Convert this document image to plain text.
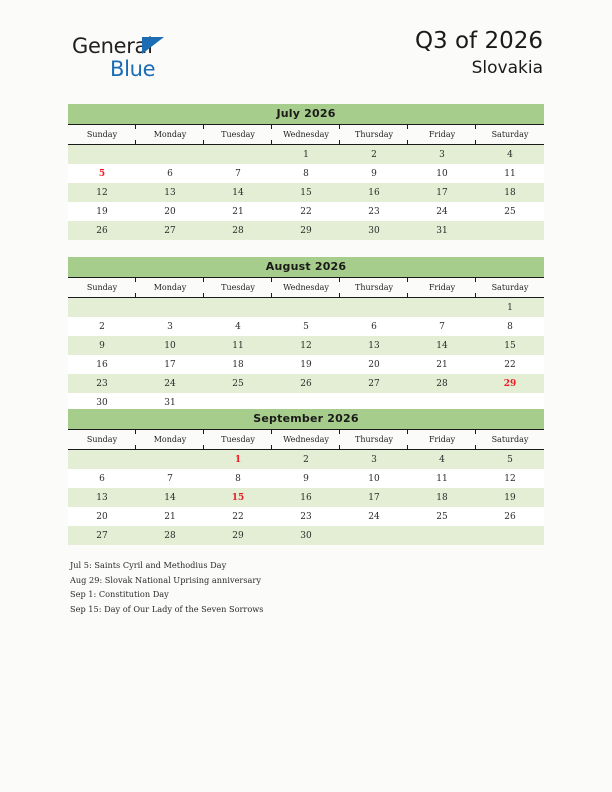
General
Blue
Q3 of 2026
Slovakia
July 2026
Sunday	Monday	Tuesday	Wednesday	Thursday	Friday	Saturday
			1	2	3	4
5	6	7	8	9	10	11
12	13	14	15	16	17	18
19	20	21	22	23	24	25
26	27	28	29	30	31	
August 2026
Sunday	Monday	Tuesday	Wednesday	Thursday	Friday	Saturday
						1
2	3	4	5	6	7	8
9	10	11	12	13	14	15
16	17	18	19	20	21	22
23	24	25	26	27	28	29
30	31					
September 2026
Sunday	Monday	Tuesday	Wednesday	Thursday	Friday	Saturday
		1	2	3	4	5
6	7	8	9	10	11	12
13	14	15	16	17	18	19
20	21	22	23	24	25	26
27	28	29	30			
Jul 5: Saints Cyril and Methodius Day
Aug 29: Slovak National Uprising anniversary
Sep 1: Constitution Day
Sep 15: Day of Our Lady of the Seven Sorrows
